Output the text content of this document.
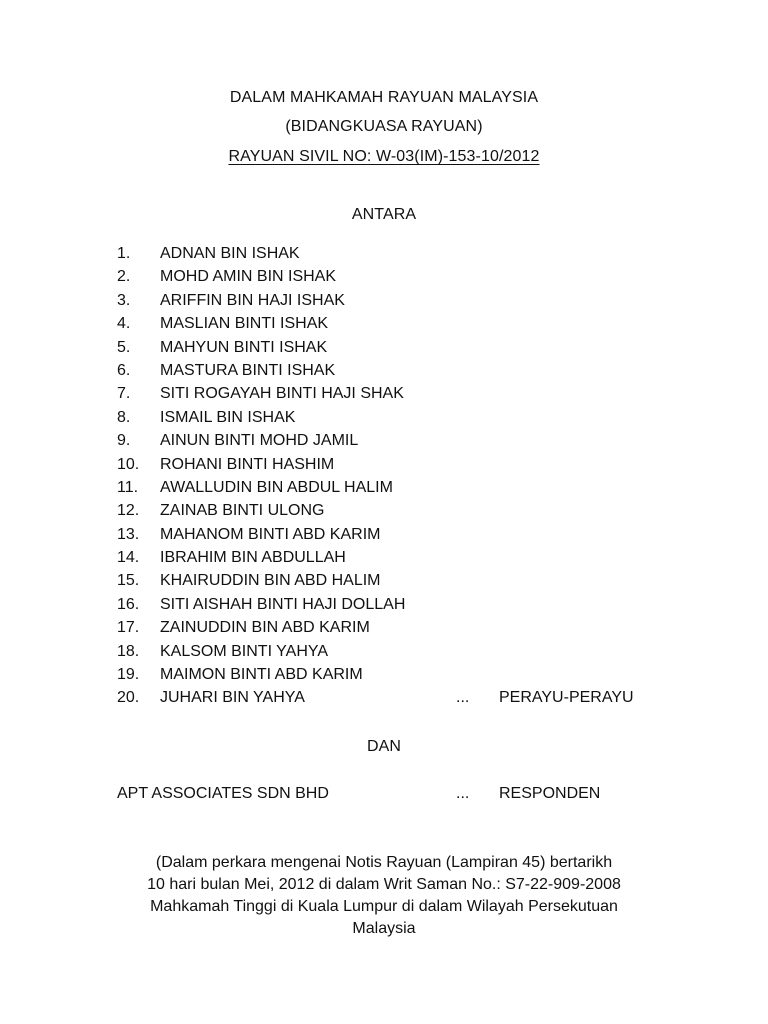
DALAM MAHKAMAH RAYUAN MALAYSIA
(BIDANGKUASA RAYUAN)
RAYUAN SIVIL NO: W-03(IM)-153-10/2012
ANTARA
1. ADNAN BIN ISHAK
2. MOHD AMIN BIN ISHAK
3. ARIFFIN BIN HAJI ISHAK
4. MASLIAN BINTI ISHAK
5. MAHYUN BINTI ISHAK
6. MASTURA BINTI ISHAK
7. SITI ROGAYAH BINTI HAJI SHAK
8. ISMAIL BIN ISHAK
9. AINUN BINTI MOHD JAMIL
10. ROHANI BINTI HASHIM
11. AWALLUDIN BIN ABDUL HALIM
12. ZAINAB BINTI ULONG
13. MAHANOM BINTI ABD KARIM
14. IBRAHIM BIN ABDULLAH
15. KHAIRUDDIN BIN ABD HALIM
16. SITI AISHAH BINTI HAJI DOLLAH
17. ZAINUDDIN BIN ABD KARIM
18. KALSOM BINTI YAHYA
19. MAIMON BINTI ABD KARIM
20. JUHARI BIN YAHYA	... PERAYU-PERAYU
DAN
APT ASSOCIATES SDN BHD	... RESPONDEN
(Dalam perkara mengenai Notis Rayuan (Lampiran 45) bertarikh
10 hari bulan Mei, 2012 di dalam Writ Saman No.: S7-22-909-2008
Mahkamah Tinggi di Kuala Lumpur di dalam Wilayah Persekutuan
Malaysia
